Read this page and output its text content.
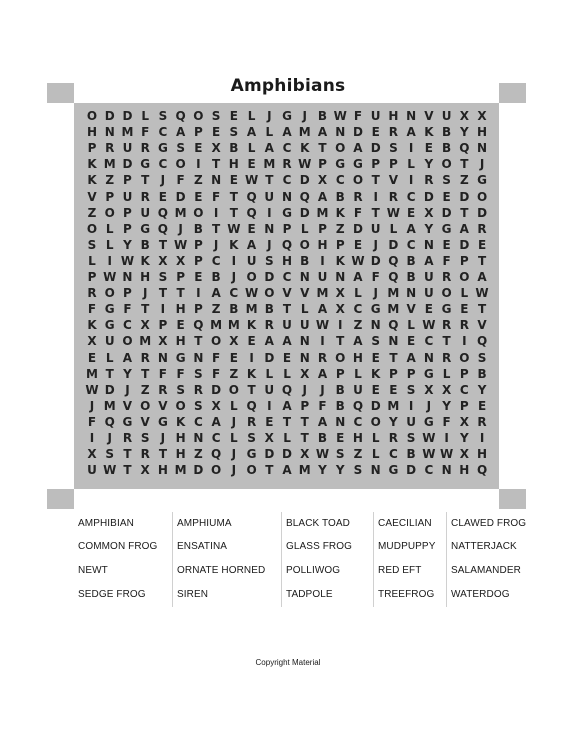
Amphibians
O D D L S Q O S E L J G J B W F U H N V U X X
H N M F C A P E S A L A M A N D E R A K B Y H
P R U R G S E X B L A C K T O A D S I E B Q N
K M D G C O I T H E M R W P G G P P L Y O T J
K Z P T J F Z N E W T C D X C O T V I R S Z G
V P U R E D E F T Q U N Q A B R I R C D E D O
Z O P U Q M O I T Q I G D M K F T W E X D T D
O L P G Q J B T W E N P L P Z D U L A Y G A R
S L Y B T W P J K A J Q O H P E J D C N E D E
L I W K X X P C I U S H B I K W D Q B A F P T
P W N H S P E B J O D C N U N A F Q B U R O A
R O P J T T I A C W O V V M X L J M N U O L W
F G F T I H P Z B M B T L A X C G M V E G E T
K G C X P E Q M M K R U U W I Z N Q L W R R V
X U O M X H T O X E A A N I T A S N E C T I Q
E L A R N G N F E I D E N R O H E T A N R O S
M T Y T F F S F Z K L L X A P L K P P G L P B
W D J Z R S R D O T U Q J	J B U E E S X X C Y
J M V O V O S X L Q I A P F B Q D M I	J Y P E
F Q G V G K C A J R E T T A N C O Y U G F X R
I	J R S J H N C L S X L T B E H L R S W I Y I
X S T R T H Z Q J G D D X W S Z L C B W W X H
U W T X H M D O J O T A M Y Y S N G D C N H Q
AMPHIBIAN
COMMON FROG
NEWT
SEDGE FROG
AMPHIUMA
ENSATINA
ORNATE HORNED
SIREN
BLACK TOAD
GLASS FROG
POLLIWOG
TADPOLE
CAECILIAN
MUDPUPPY
RED EFT
TREEFROG
CLAWED FROG
NATTERJACK
SALAMANDER
WATERDOG
Copyright Material
